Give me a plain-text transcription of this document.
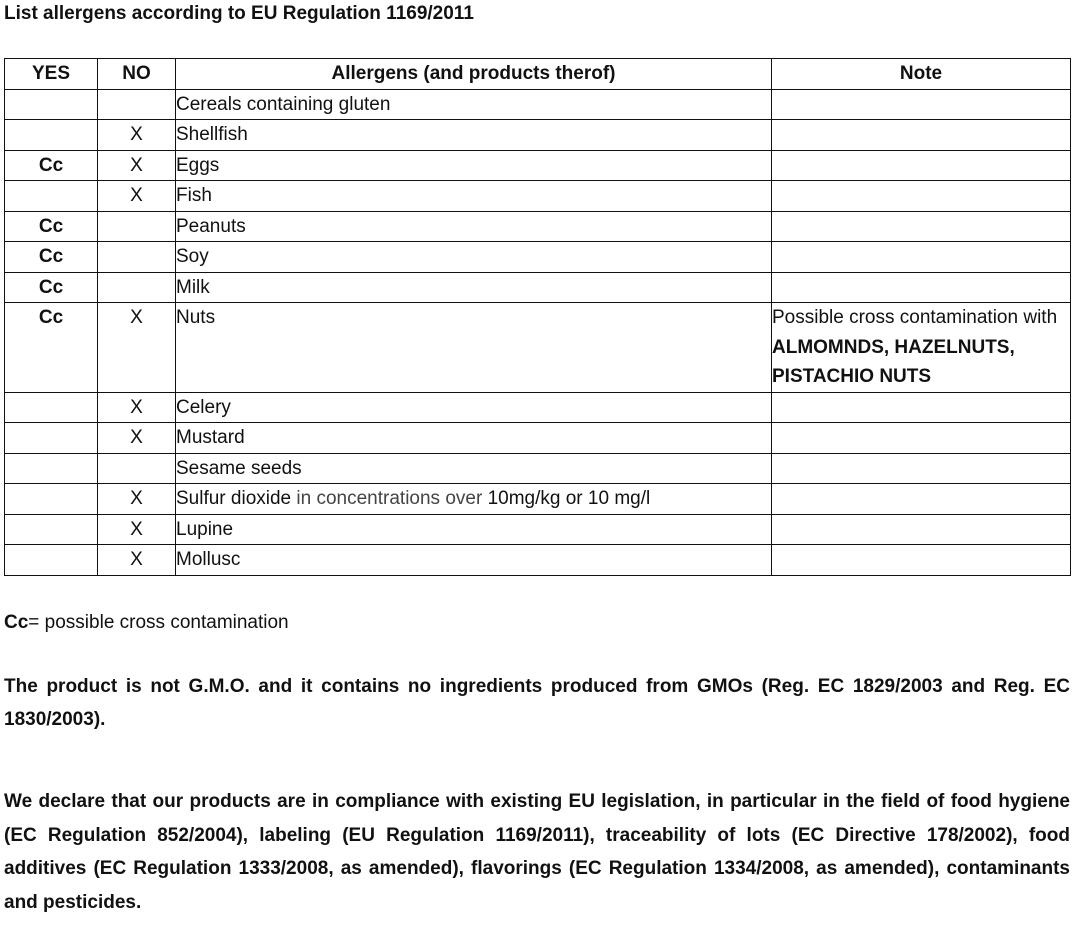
List allergens according to EU Regulation 1169/2011
YES	NO	Allergens (and products therof)	Note
		Cereals containing gluten	
	X	Shellfish	
Cc	X	Eggs	
	X	Fish	
Cc		Peanuts	
Cc		Soy	
Cc		Milk	
Cc	X	Nuts	Possible cross contamination with
ALMOMNDS, HAZELNUTS, PISTACHIO NUTS

	X	Celery	
	X	Mustard	
		Sesame seeds	
	X	Sulfur dioxide in concentrations over 10mg/kg or 10 mg/l	
	X	Lupine	
	X	Mollusc	
Cc= possible cross contamination
The product is not G.M.O. and it contains no ingredients produced from GMOs (Reg. EC 1829/2003 and Reg. EC 1830/2003).
We declare that our products are in compliance with existing EU legislation, in particular in the field of food hygiene (EC Regulation 852/2004), labeling (EU Regulation 1169/2011), traceability of lots (EC Directive 178/2002), food additives (EC Regulation 1333/2008, as amended), flavorings (EC Regulation 1334/2008, as amended), contaminants and pesticides.
